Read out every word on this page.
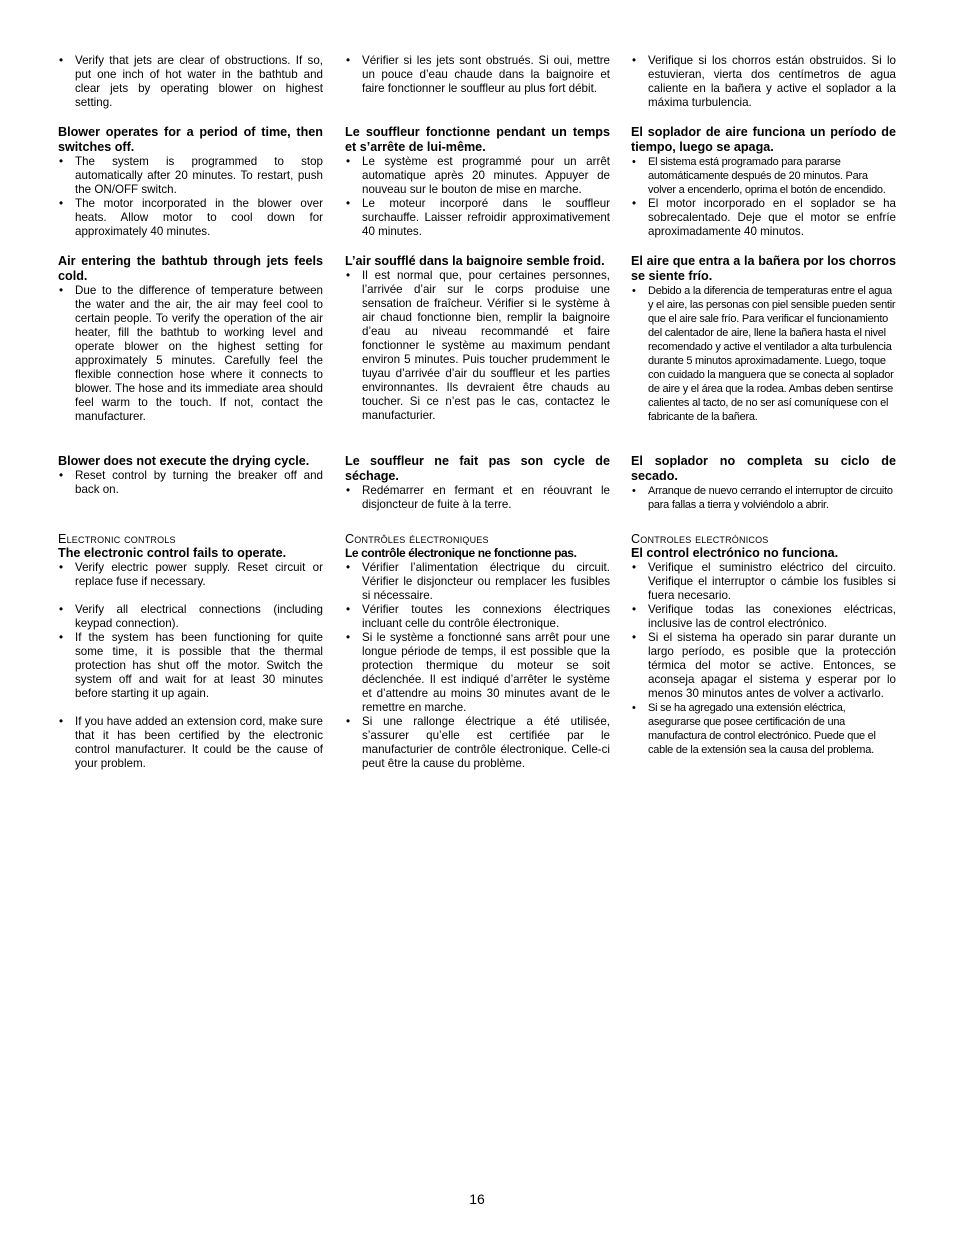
• Verify that jets are clear of obstructions. If so, put one inch of hot water in the bathtub and clear jets by operating blower on highest setting.
Blower operates for a period of time, then switches off.
• The system is programmed to stop automatically after 20 minutes. To restart, push the ON/OFF switch.
• The motor incorporated in the blower over heats. Allow motor to cool down for approximately 40 minutes.
Air entering the bathtub through jets feels cold.
• Due to the difference of temperature between the water and the air, the air may feel cool to certain people. To verify the operation of the air heater, fill the bathtub to working level and operate blower on the highest setting for approximately 5 minutes. Carefully feel the flexible connection hose where it connects to blower. The hose and its immediate area should feel warm to the touch. If not, contact the manufacturer.
Blower does not execute the drying cycle.
• Reset control by turning the breaker off and back on.
Electronic controls
The electronic control fails to operate.
• Verify electric power supply. Reset circuit or replace fuse if necessary.
• Verify all electrical connections (including keypad connection).
• If the system has been functioning for quite some time, it is possible that the thermal protection has shut off the motor. Switch the system off and wait for at least 30 minutes before starting it up again.
• If you have added an extension cord, make sure that it has been certified by the electronic control manufacturer. It could be the cause of your problem.
• Vérifier si les jets sont obstrués. Si oui, mettre un pouce d’eau chaude dans la baignoire et faire fonctionner le souffleur au plus fort débit.
Le souffleur fonctionne pendant un temps et s’arrête de lui-même.
• Le système est programmé pour un arrêt automatique après 20 minutes. Appuyer de nouveau sur le bouton de mise en marche.
• Le moteur incorporé dans le souffleur surchauffe. Laisser refroidir approximativement 40 minutes.
L’air soufflé dans la baignoire semble froid.
• Il est normal que, pour certaines personnes, l’arrivée d’air sur le corps produise une sensation de fraîcheur. Vérifier si le système à air chaud fonctionne bien, remplir la baignoire d’eau au niveau recommandé et faire fonctionner le système au maximum pendant environ 5 minutes. Puis toucher prudemment le tuyau d’arrivée d’air du souffleur et les parties environnantes. Ils devraient être chauds au toucher. Si ce n’est pas le cas, contactez le manufacturier.
Le souffleur ne fait pas son cycle de séchage.
• Redémarrer en fermant et en réouvrant le disjoncteur de fuite à la terre.
Contrôles électroniques
Le contrôle électronique ne fonctionne pas.
• Vérifier l’alimentation électrique du circuit. Vérifier le disjoncteur ou remplacer les fusibles si nécessaire.
• Vérifier toutes les connexions électriques incluant celle du contrôle électronique.
• Si le système a fonctionné sans arrêt pour une longue période de temps, il est possible que la protection thermique du moteur se soit déclenchée. Il est indiqué d’arrêter le système et d’attendre au moins 30 minutes avant de le remettre en marche.
• Si une rallonge électrique a été utilisée, s’assurer qu’elle est certifiée par le manufacturier de contrôle électronique. Celle-ci peut être la cause du problème.
• Verifique si los chorros están obstruidos. Si lo estuvieran, vierta dos centímetros de agua caliente en la bañera y active el soplador a la máxima turbulencia.
El soplador de aire funciona un período de tiempo, luego se apaga.
• El sistema está programado para pararse automáticamente después de 20 minutos. Para volver a encenderlo, oprima el botón de encendido.
• El motor incorporado en el soplador se ha sobrecalentado. Deje que el motor se enfríe aproximadamente 40 minutos.
El aire que entra a la bañera por los chorros se siente frío.
• Debido a la diferencia de temperaturas entre el agua y el aire, las personas con piel sensible pueden sentir que el aire sale frío. Para verificar el funcionamiento del calentador de aire, llene la bañera hasta el nivel recomendado y active el ventilador a alta turbulencia durante 5 minutos aproximadamente. Luego, toque con cuidado la manguera que se conecta al soplador de aire y el área que la rodea. Ambas deben sentirse calientes al tacto, de no ser así comuníquese con el fabricante de la bañera.
El soplador no completa su ciclo de secado.
• Arranque de nuevo cerrando el interruptor de circuito para fallas a tierra y volviéndolo a abrir.
Controles electrónicos
El control electrónico no funciona.
• Verifique el suministro eléctrico del circuito. Verifique el interruptor o cámbie los fusibles si fuera necesario.
• Verifique todas las conexiones eléctricas, inclusive las de control electrónico.
• Si el sistema ha operado sin parar durante un largo período, es posible que la protección térmica del motor se active. Entonces, se aconseja apagar el sistema y esperar por lo menos 30 minutos antes de volver a activarlo.
• Si se ha agregado una extensión eléctrica, asegurarse que posee certificación de una manufactura de control electrónico. Puede que el cable de la extensión sea la causa del problema.
16
